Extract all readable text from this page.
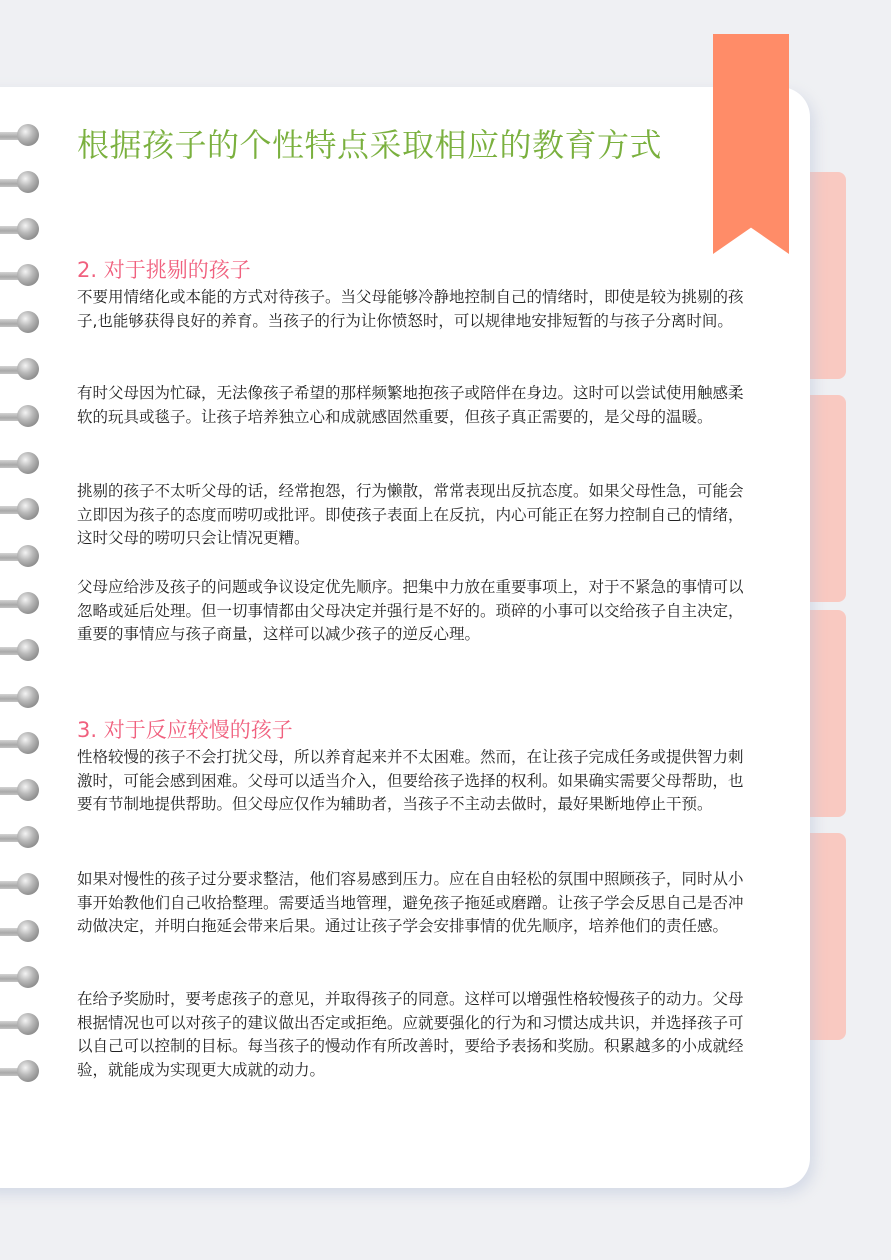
根据孩子的个性特点采取相应的教育方式
2. 对于挑剔的孩子

不要用情绪化或本能的方式对待孩子。当父母能够冷静地控制自己的情绪时，即使是较为挑剔的孩子,也能够获得良好的养育。当孩子的行为让你愤怒时，可以规律地安排短暂的与孩子分离时间。

有时父母因为忙碌，无法像孩子希望的那样频繁地抱孩子或陪伴在身边。这时可以尝试使用触感柔软的玩具或毯子。让孩子培养独立心和成就感固然重要，但孩子真正需要的，是父母的温暖。

挑剔的孩子不太听父母的话，经常抱怨，行为懒散，常常表现出反抗态度。如果父母性急，可能会立即因为孩子的态度而唠叨或批评。即使孩子表面上在反抗，内心可能正在努力控制自己的情绪，这时父母的唠叨只会让情况更糟。

父母应给涉及孩子的问题或争议设定优先顺序。把集中力放在重要事项上，对于不紧急的事情可以忽略或延后处理。但一切事情都由父母决定并强行是不好的。琐碎的小事可以交给孩子自主决定，重要的事情应与孩子商量，这样可以减少孩子的逆反心理。

3. 对于反应较慢的孩子

性格较慢的孩子不会打扰父母，所以养育起来并不太困难。然而，在让孩子完成任务或提供智力刺激时，可能会感到困难。父母可以适当介入，但要给孩子选择的权利。如果确实需要父母帮助，也要有节制地提供帮助。但父母应仅作为辅助者，当孩子不主动去做时，最好果断地停止干预。

如果对慢性的孩子过分要求整洁，他们容易感到压力。应在自由轻松的氛围中照顾孩子，同时从小事开始教他们自己收拾整理。需要适当地管理，避免孩子拖延或磨蹭。让孩子学会反思自己是否冲动做决定，并明白拖延会带来后果。通过让孩子学会安排事情的优先顺序，培养他们的责任感。

在给予奖励时，要考虑孩子的意见，并取得孩子的同意。这样可以增强性格较慢孩子的动力。父母根据情况也可以对孩子的建议做出否定或拒绝。应就要强化的行为和习惯达成共识，并选择孩子可以自己可以控制的目标。每当孩子的慢动作有所改善时，要给予表扬和奖励。积累越多的小成就经验，就能成为实现更大成就的动力。
